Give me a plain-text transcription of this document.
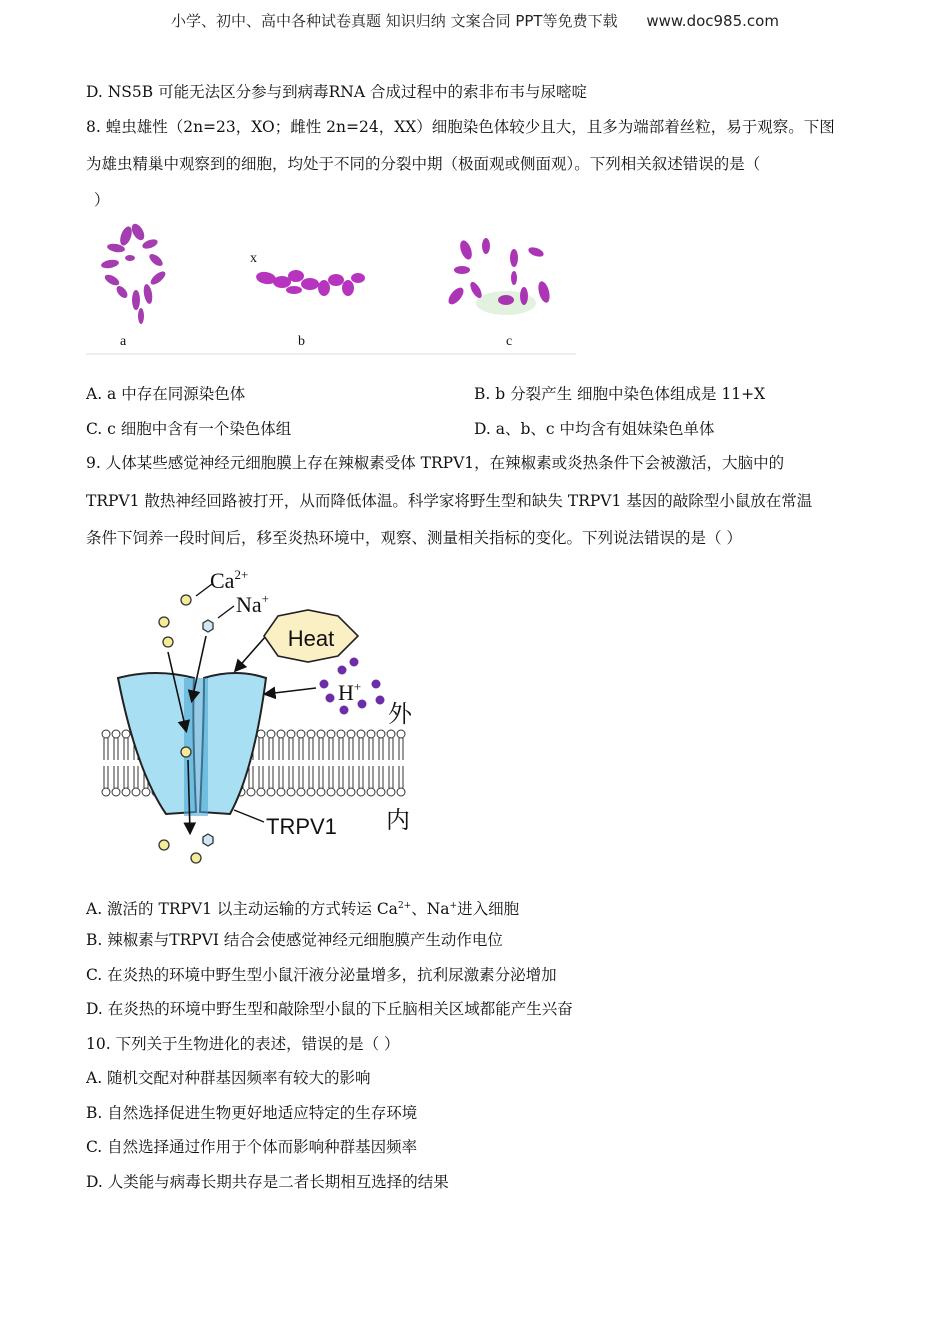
小学、初中、高中各种试卷真题 知识归纳 文案合同 PPT等免费下载 www.doc985.com
D. NS5B 可能无法区分参与到病毒RNA 合成过程中的索非布韦与尿嘧啶
8. 蝗虫雄性（2n=23，XO；雌性 2n=24，XX）细胞染色体较少且大，且多为端部着丝粒，易于观察。下图
为雄虫精巢中观察到的细胞，均处于不同的分裂中期（极面观或侧面观）。下列相关叙述错误的是（
）
a
x
b	c
A. a 中存在同源染色体	B. b 分裂产生 细胞中染色体组成是 11+X
C. c 细胞中含有一个染色体组	D. a、b、c 中均含有姐妹染色单体
9. 人体某些感觉神经元细胞膜上存在辣椒素受体 TRPV1，在辣椒素或炎热条件下会被激活，大脑中的
TRPV1 散热神经回路被打开，从而降低体温。科学家将野生型和缺失 TRPV1 基因的敲除型小鼠放在常温
条件下饲养一段时间后，移至炎热环境中，观察、测量相关指标的变化。下列说法错误的是（ ）
$Ca^{2+}$
Na+
Heat
H+
外
内
TRPV1
A. 激活的 TRPV1 以主动运输的方式转运 $Ca^{2+}$、Na+进入细胞
B. 辣椒素与TRPVI 结合会使感觉神经元细胞膜产生动作电位
C. 在炎热的环境中野生型小鼠汗液分泌量增多，抗利尿激素分泌增加
D. 在炎热的环境中野生型和敲除型小鼠的下丘脑相关区域都能产生兴奋
10. 下列关于生物进化的表述，错误的是（ ）
A. 随机交配对种群基因频率有较大的影响
B. 自然选择促进生物更好地适应特定的生存环境
C. 自然选择通过作用于个体而影响种群基因频率
D. 人类能与病毒长期共存是二者长期相互选择的结果
